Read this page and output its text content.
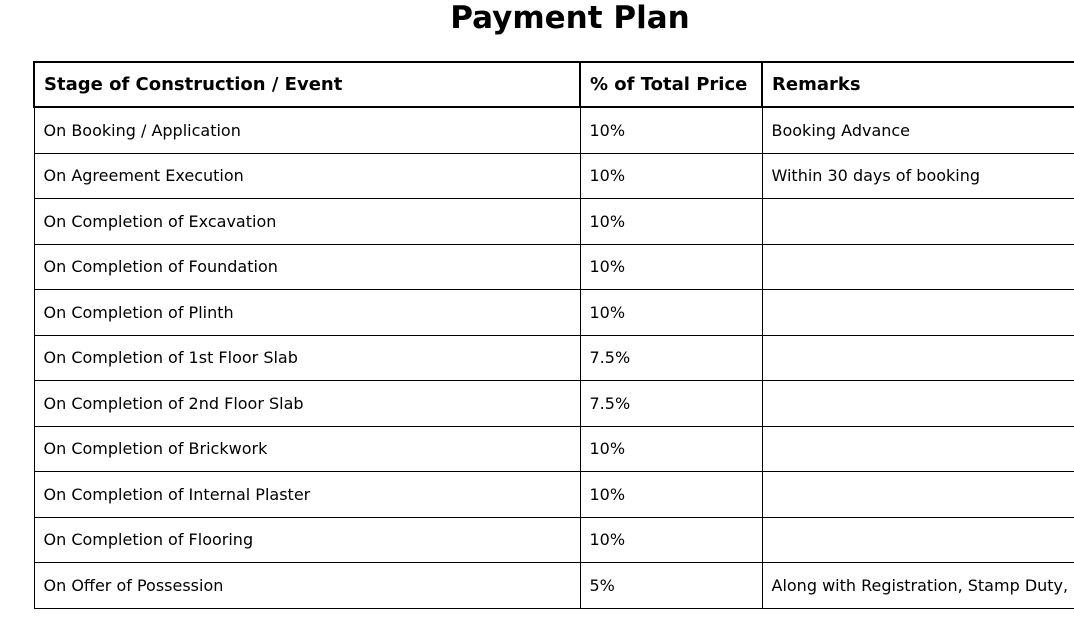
Payment Plan
Stage of Construction / Event	% of Total Price	Remarks
On Booking / Application	10%	Booking Advance
On Agreement Execution	10%	Within 30 days of booking
On Completion of Excavation	10%	
On Completion of Foundation	10%	
On Completion of Plinth	10%	
On Completion of 1st Floor Slab	7.5%	
On Completion of 2nd Floor Slab	7.5%	
On Completion of Brickwork	10%	
On Completion of Internal Plaster	10%	
On Completion of Flooring	10%	
On Offer of Possession	5%	Along with Registration, Stamp Duty,
